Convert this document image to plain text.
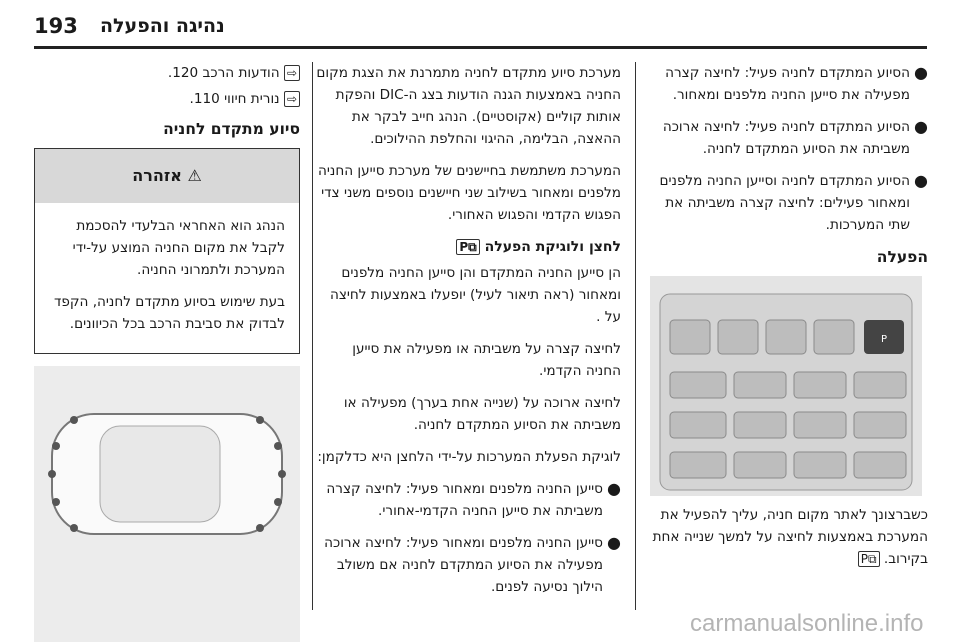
193 נהיגה והפעלה
●
הסיוע המתקדם לחניה פעיל: לחיצה קצרה מפעילה את סייען החניה מלפנים ומאחור.
●
הסיוע המתקדם לחניה פעיל: לחיצה ארוכה משביתה את הסיוע המתקדם לחניה.
●
הסיוע המתקדם לחניה וסייען החניה מלפנים ומאחור פעילים: לחיצה קצרה משביתה את שתי המערכות.
הפעלה
P

כשברצונך לאתר מקום חניה, עליך להפעיל את המערכת באמצעות לחיצה על למשך שנייה אחת בקירוב. P⧉

מערכת סיוע מתקדם לחניה מתמרנת את הצגת מקום החניה באמצעות הגנה הודעות בצג ה-DIC והפקת אותות קוליים (אקוסטיים). הנהג חייב לבקר את ההאצה, הבלימה, ההיגוי והחלפת ההילוכים.

המערכת משתמשת בחיישנים של מערכת סייען החניה מלפנים ומאחור בשילוב שני חיישנים נוספים משני צדי הפגוש הקדמי והפגוש האחורי.

לחצן ולוגיקת הפעלה P⧉

הן סייען החניה המתקדם והן סייען החניה מלפנים ומאחור (ראה תיאור לעיל) יופעלו באמצעות לחיצה על .

לחיצה קצרה על משביתה או מפעילה את סייען החניה הקדמי.

לחיצה ארוכה על (שנייה אחת בערך) מפעילה או משביתה את הסיוע המתקדם לחניה.

לוגיקת הפעלת המערכות על-ידי הלחצן היא כדלקמן:

●
סייען החניה מלפנים ומאחור פעיל: לחיצה קצרה משביתה את סייען החניה הקדמי-אחורי.
●
סייען החניה מלפנים ומאחור פעיל: לחיצה ארוכה מפעילה את הסיוע המתקדם לחניה אם משולב הילוך נסיעה לפנים.

⇨ הודעות הרכב 120.

⇨ נורית חיווי 110.

סיוע מתקדם לחניה
⚠ אזהרה

הנהג הוא האחראי הבלעדי להסכמת לקבל את מקום החניה המוצע על-ידי המערכת ולתמרוני החניה.

בעת שימוש בסיוע מתקדם לחניה, הקפד לבדוק את סביבת הרכב בכל הכיוונים.

carmanualsonline.info
